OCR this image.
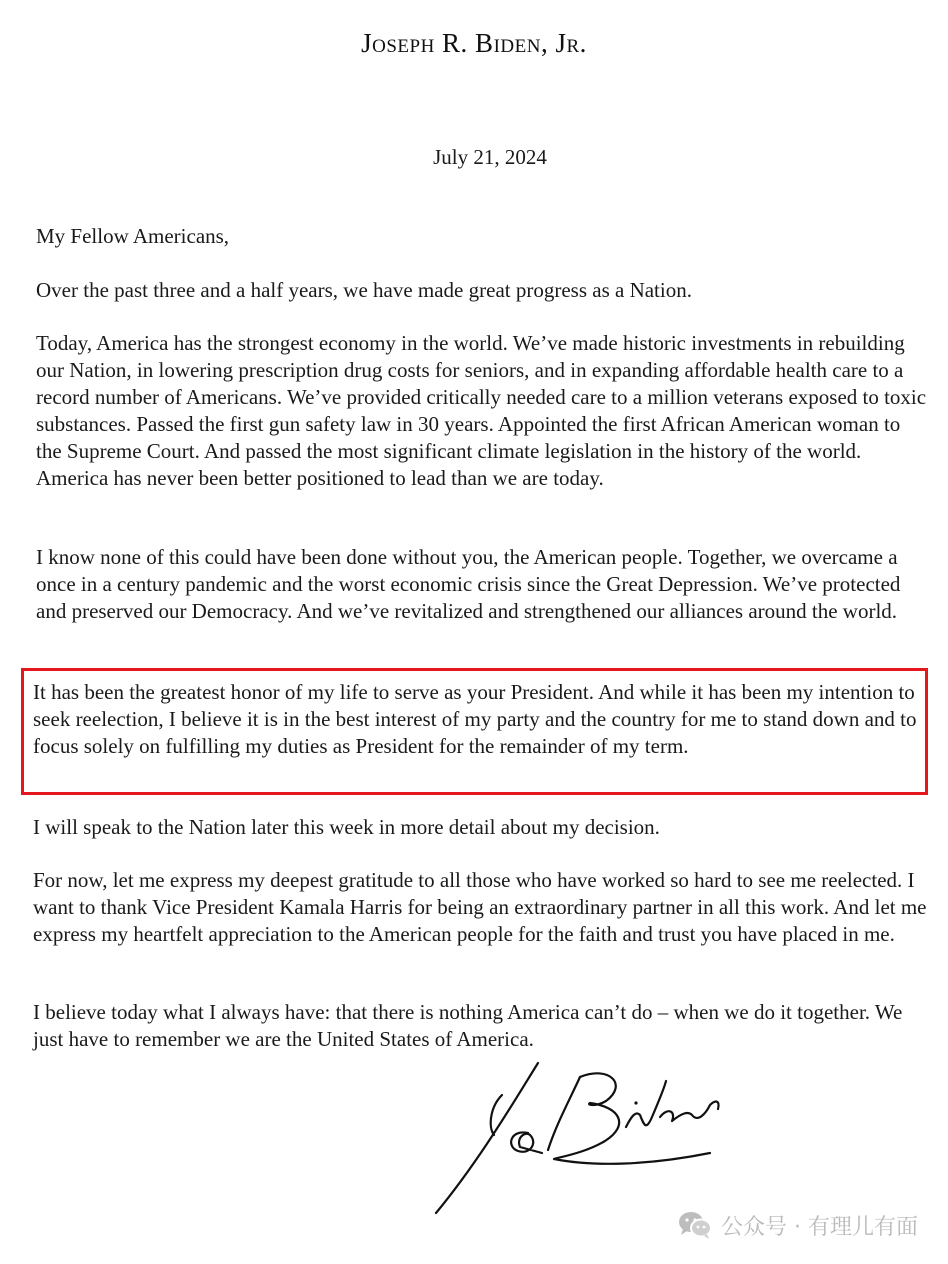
Joseph R. Biden, Jr.
July 21, 2024

My Fellow Americans,

Over the past three and a half years, we have made great progress as a Nation.

Today, America has the strongest economy in the world. We’ve made historic investments in rebuilding our Nation, in lowering prescription drug costs for seniors, and in expanding affordable health care to a record number of Americans. We’ve provided critically needed care to a million veterans exposed to toxic substances. Passed the first gun safety law in 30 years. Appointed the first African American woman to the Supreme Court. And passed the most significant climate legislation in the history of the world. America has never been better positioned to lead than we are today.

I know none of this could have been done without you, the American people. Together, we overcame a once in a century pandemic and the worst economic crisis since the Great Depression. We’ve protected and preserved our Democracy. And we’ve revitalized and strengthened our alliances around the world.

It has been the greatest honor of my life to serve as your President. And while it has been my intention to seek reelection, I believe it is in the best interest of my party and the country for me to stand down and to focus solely on fulfilling my duties as President for the remainder of my term.

I will speak to the Nation later this week in more detail about my decision.

For now, let me express my deepest gratitude to all those who have worked so hard to see me reelected. I want to thank Vice President Kamala Harris for being an extraordinary partner in all this work. And let me express my heartfelt appreciation to the American people for the faith and trust you have placed in me.

I believe today what I always have: that there is nothing America can’t do – when we do it together. We just have to remember we are the United States of America.

公众号 · 有理儿有面
